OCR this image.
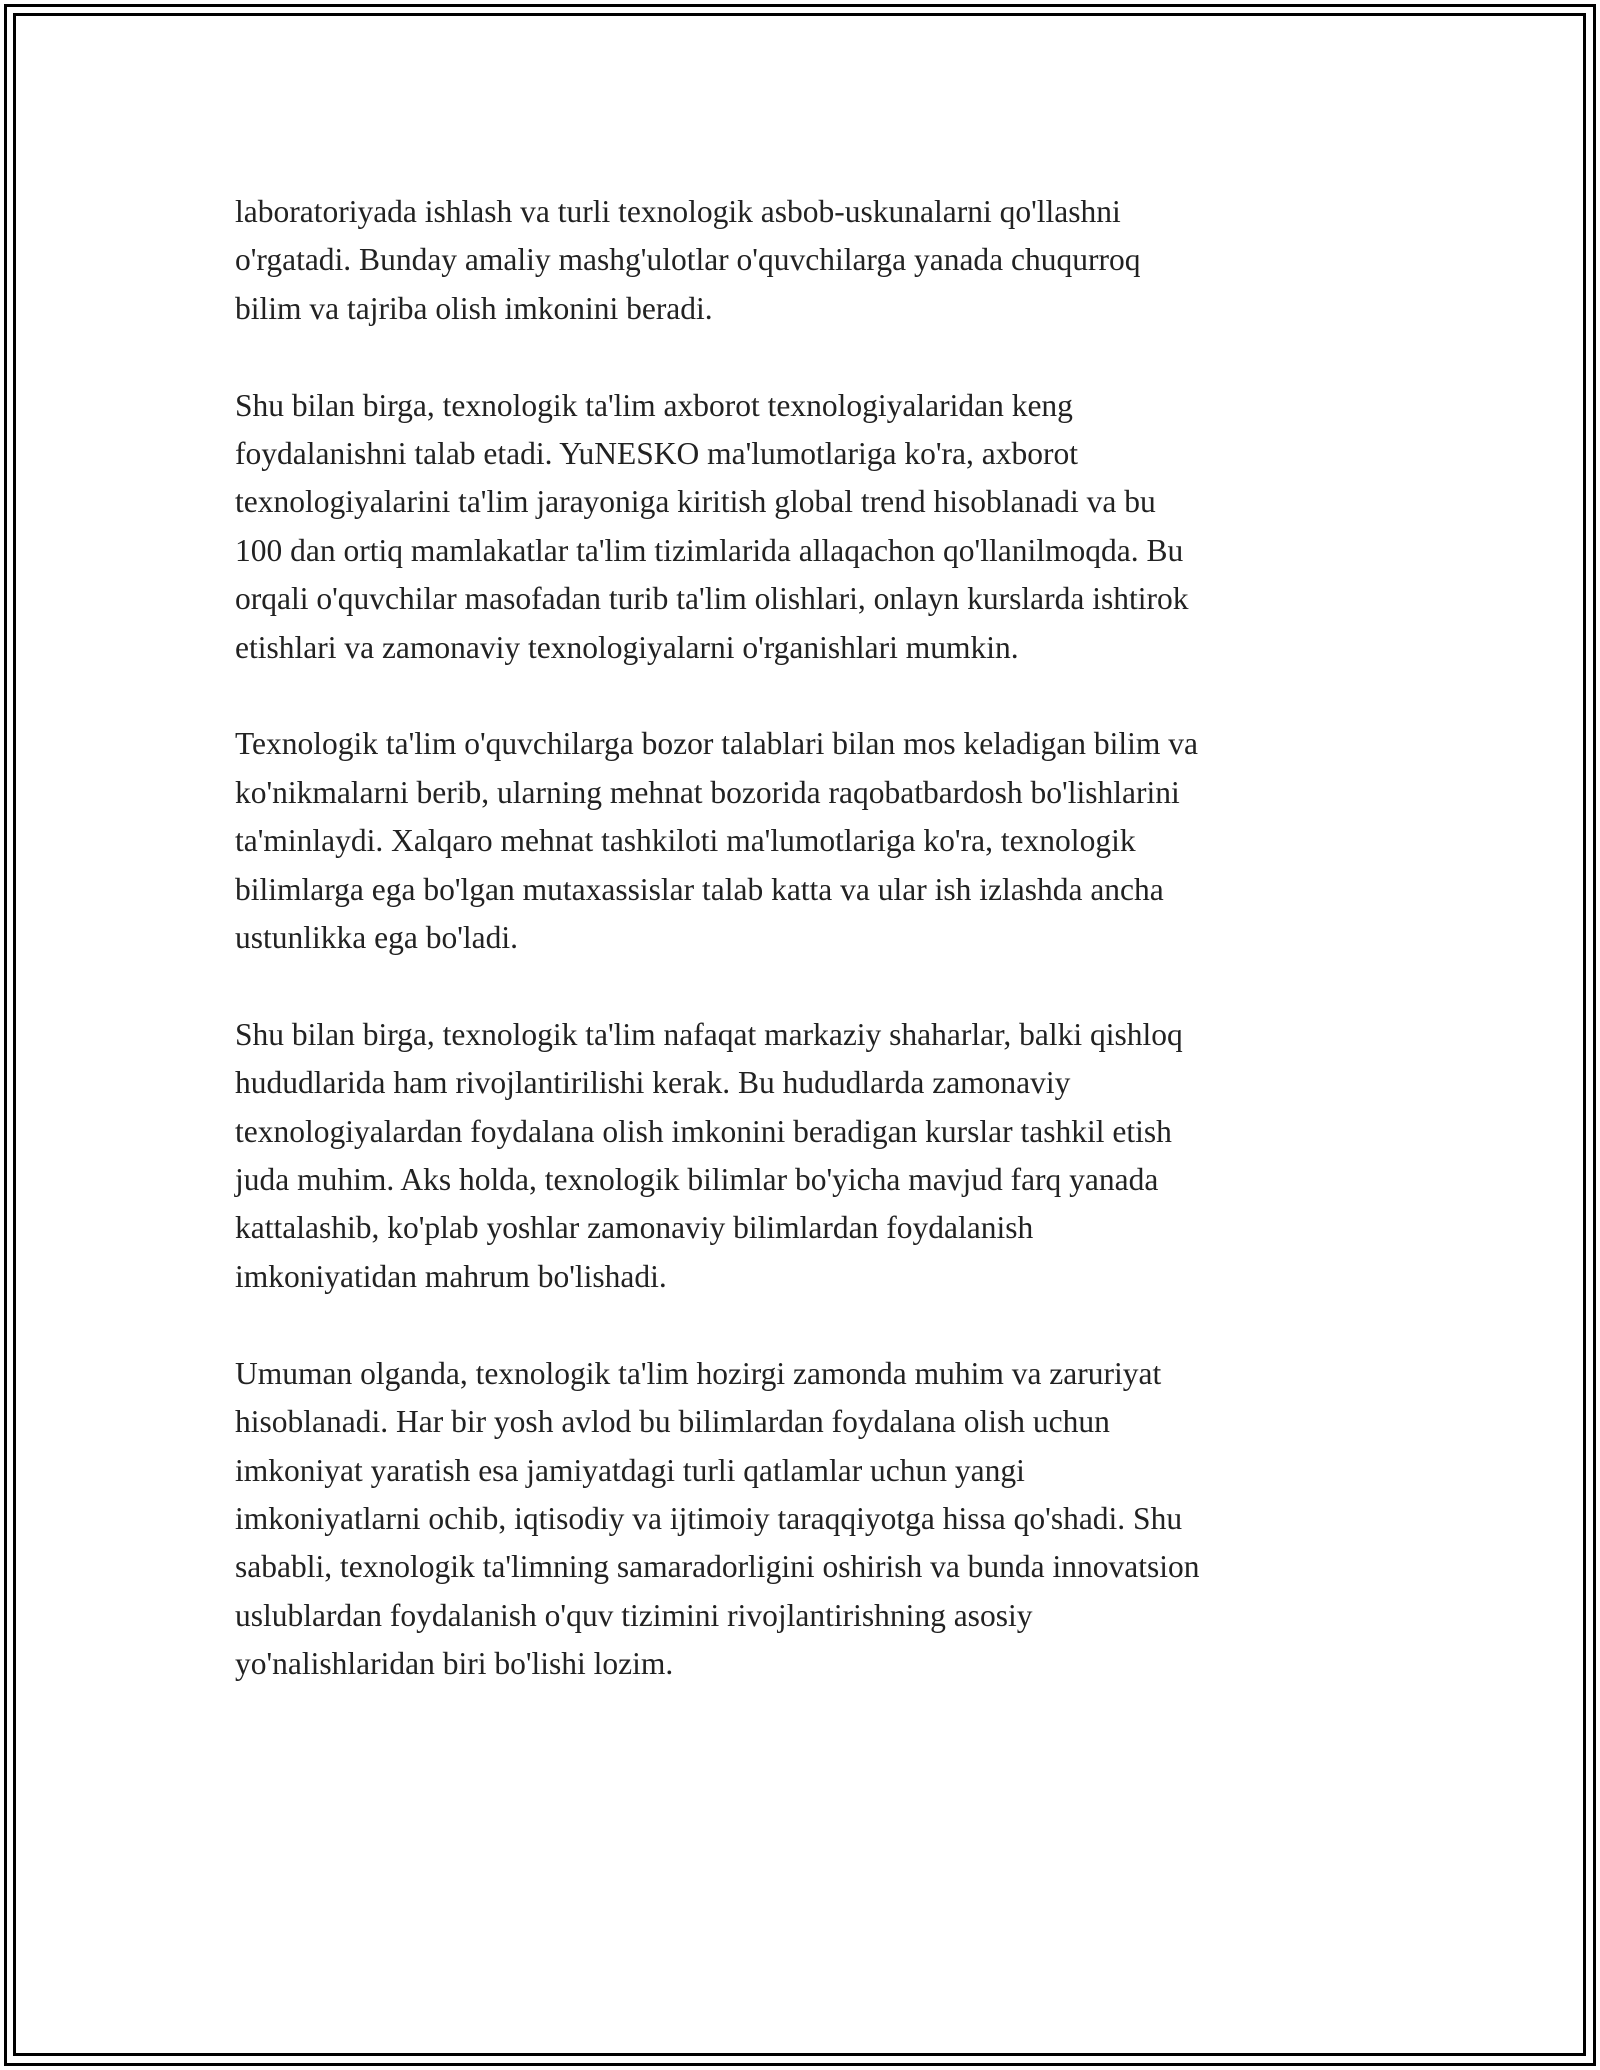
laboratoriyada ishlash va turli texnologik asbob-uskunalarni qo'llashni
o'rgatadi. Bunday amaliy mashg'ulotlar o'quvchilarga yanada chuqurroq
bilim va tajriba olish imkonini beradi.

Shu bilan birga, texnologik ta'lim axborot texnologiyalaridan keng
foydalanishni talab etadi. YuNESKO ma'lumotlariga ko'ra, axborot
texnologiyalarini ta'lim jarayoniga kiritish global trend hisoblanadi va bu
100 dan ortiq mamlakatlar ta'lim tizimlarida allaqachon qo'llanilmoqda. Bu
orqali o'quvchilar masofadan turib ta'lim olishlari, onlayn kurslarda ishtirok
etishlari va zamonaviy texnologiyalarni o'rganishlari mumkin.

Texnologik ta'lim o'quvchilarga bozor talablari bilan mos keladigan bilim va
ko'nikmalarni berib, ularning mehnat bozorida raqobatbardosh bo'lishlarini
ta'minlaydi. Xalqaro mehnat tashkiloti ma'lumotlariga ko'ra, texnologik
bilimlarga ega bo'lgan mutaxassislar talab katta va ular ish izlashda ancha
ustunlikka ega bo'ladi.

Shu bilan birga, texnologik ta'lim nafaqat markaziy shaharlar, balki qishloq
hududlarida ham rivojlantirilishi kerak. Bu hududlarda zamonaviy
texnologiyalardan foydalana olish imkonini beradigan kurslar tashkil etish
juda muhim. Aks holda, texnologik bilimlar bo'yicha mavjud farq yanada
kattalashib, ko'plab yoshlar zamonaviy bilimlardan foydalanish
imkoniyatidan mahrum bo'lishadi.

Umuman olganda, texnologik ta'lim hozirgi zamonda muhim va zaruriyat
hisoblanadi. Har bir yosh avlod bu bilimlardan foydalana olish uchun
imkoniyat yaratish esa jamiyatdagi turli qatlamlar uchun yangi
imkoniyatlarni ochib, iqtisodiy va ijtimoiy taraqqiyotga hissa qo'shadi. Shu
sababli, texnologik ta'limning samaradorligini oshirish va bunda innovatsion
uslublardan foydalanish o'quv tizimini rivojlantirishning asosiy
yo'nalishlaridan biri bo'lishi lozim.
